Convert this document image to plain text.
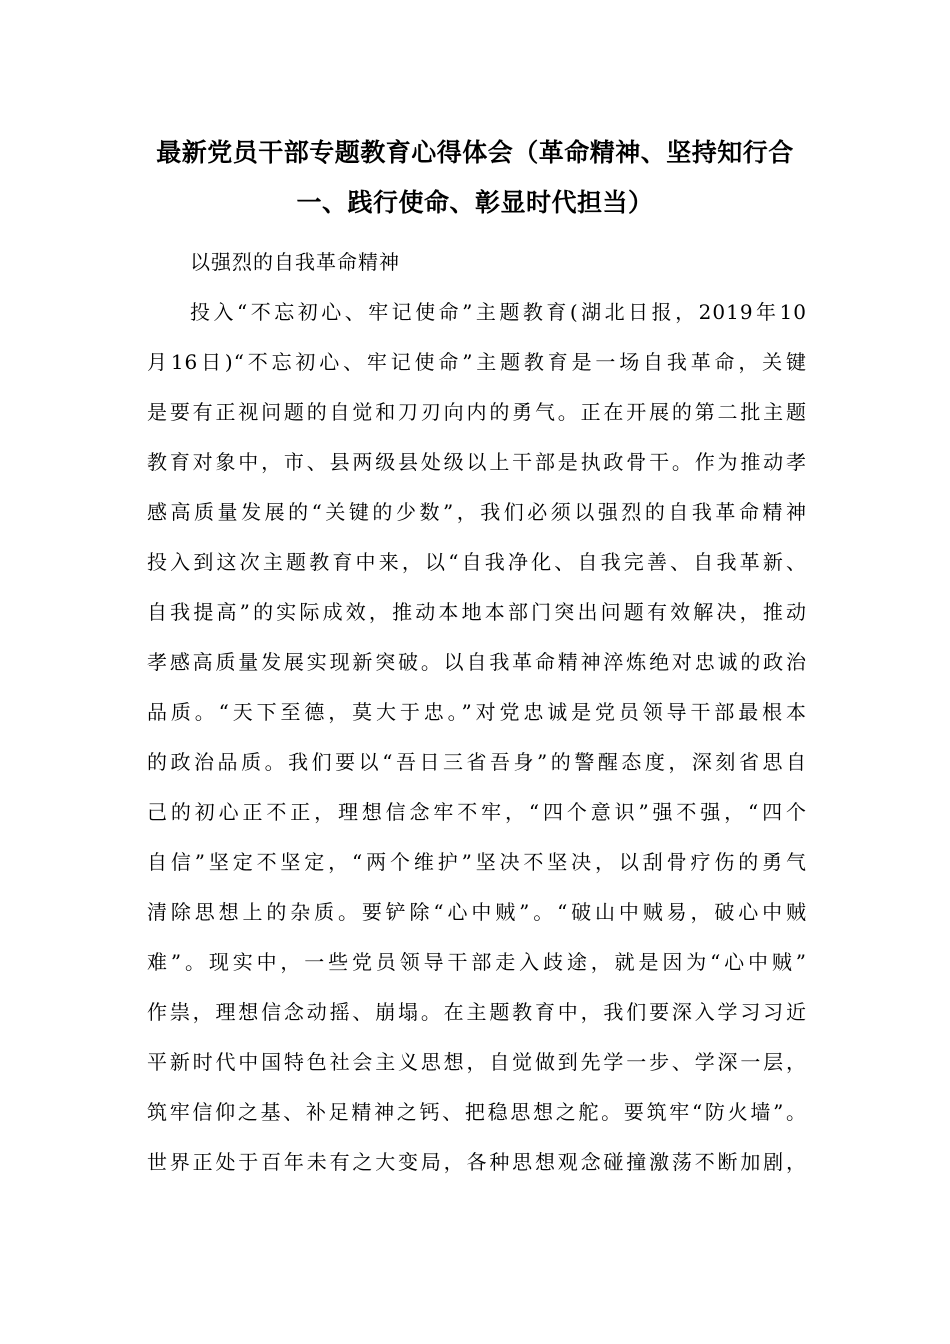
最新党员干部专题教育心得体会（革命精神、坚持知行合
一、践行使命、彰显时代担当）
以强烈的自我革命精神
投入“不忘初心、牢记使命”主题教育(湖北日报，2019年10
月16日)“不忘初心、牢记使命”主题教育是一场自我革命，关键
是要有正视问题的自觉和刀刃向内的勇气。正在开展的第二批主题
教育对象中，市、县两级县处级以上干部是执政骨干。作为推动孝
感高质量发展的“关键的少数”，我们必须以强烈的自我革命精神
投入到这次主题教育中来，以“自我净化、自我完善、自我革新、
自我提高”的实际成效，推动本地本部门突出问题有效解决，推动
孝感高质量发展实现新突破。以自我革命精神淬炼绝对忠诚的政治
品质。“天下至德，莫大于忠。”对党忠诚是党员领导干部最根本
的政治品质。我们要以“吾日三省吾身”的警醒态度，深刻省思自
己的初心正不正，理想信念牢不牢，“四个意识”强不强，“四个
自信”坚定不坚定，“两个维护”坚决不坚决，以刮骨疗伤的勇气
清除思想上的杂质。要铲除“心中贼”。“破山中贼易，破心中贼
难”。现实中，一些党员领导干部走入歧途，就是因为“心中贼”
作祟，理想信念动摇、崩塌。在主题教育中，我们要深入学习习近
平新时代中国特色社会主义思想，自觉做到先学一步、学深一层，
筑牢信仰之基、补足精神之钙、把稳思想之舵。要筑牢“防火墙”。
世界正处于百年未有之大变局，各种思想观念碰撞激荡不断加剧，
